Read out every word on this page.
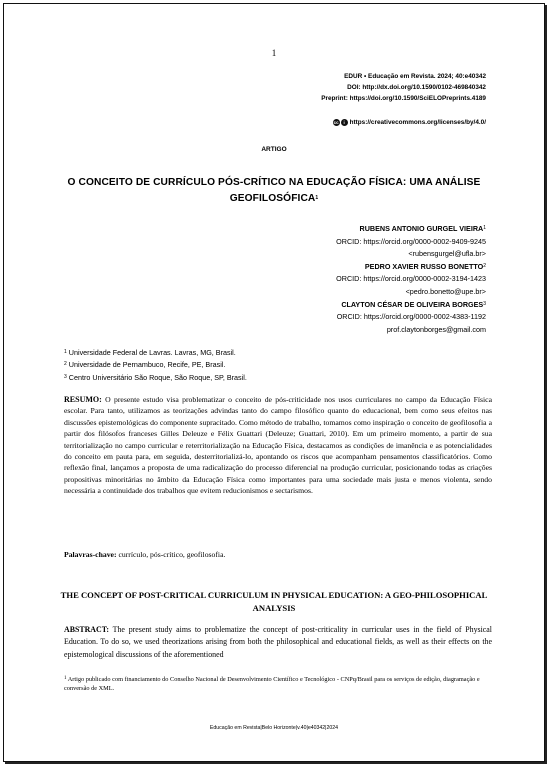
1
EDUR • Educação em Revista. 2024; 40:e40342
DOI: http://dx.doi.org/10.1590/0102-469840342
Preprint: https://doi.org/10.1590/SciELOPreprints.4189
cc	i https://creativecommons.org/licenses/by/4.0/
ARTIGO
O CONCEITO DE CURRÍCULO PÓS-CRÍTICO NA EDUCAÇÃO FÍSICA: UMA ANÁLISE GEOFILOSÓFICA$^1$
RUBENS ANTONIO GURGEL VIEIRA$^1$
ORCID: https://orcid.org/0000-0002-9409-9245
<rubensgurgel@ufla.br>
PEDRO XAVIER RUSSO BONETTO$^2$
ORCID: https://orcid.org/0000-0002-3194-1423
<pedro.bonetto@upe.br>
CLAYTON CÉSAR DE OLIVEIRA BORGES$^3$
ORCID: https://orcid.org/0000-0002-4383-1192
prof.claytonborges@gmail.com
$^1$ Universidade Federal de Lavras. Lavras, MG, Brasil.
$^2$ Universidade de Pernambuco, Recife, PE, Brasil.
$^3$ Centro Universitário São Roque, São Roque, SP, Brasil.
RESUMO: O presente estudo visa problematizar o conceito de pós-criticidade nos usos curriculares no campo da Educação Física escolar. Para tanto, utilizamos as teorizações advindas tanto do campo filosófico quanto do educacional, bem como seus efeitos nas discussões epistemológicas do componente supracitado. Como método de trabalho, tomamos como inspiração o conceito de geofilosofia a partir dos filósofos franceses Gilles Deleuze e Félix Guattari (Deleuze; Guattari, 2010). Em um primeiro momento, a partir de sua territorialização no campo curricular e reterritorialização na Educação Física, destacamos as condições de imanência e as potencialidades do conceito em pauta para, em seguida, desterritorializá-lo, apontando os riscos que acompanham pensamentos classificatórios. Como reflexão final, lançamos a proposta de uma radicalização do processo diferencial na produção curricular, posicionando todas as criações propositivas minoritárias no âmbito da Educação Física como importantes para uma sociedade mais justa e menos violenta, sendo necessária a continuidade dos trabalhos que evitem reducionismos e sectarismos.
Palavras-chave: currículo, pós-crítico, geofilosofia.
THE CONCEPT OF POST-CRITICAL CURRICULUM IN PHYSICAL EDUCATION: A GEO-PHILOSOPHICAL ANALYSIS
ABSTRACT: The present study aims to problematize the concept of post-criticality in curricular uses in the field of Physical Education. To do so, we used theorizations arising from both the philosophical and educational fields, as well as their effects on the epistemological discussions of the aforementioned
$^1$ Artigo publicado com financiamento do Conselho Nacional de Desenvolvimento Científico e Tecnológico - CNPq/Brasil para os serviços de edição, diagramação e conversão de XML.
Educação em Revista|Belo Horizonte|v.40|e40342|2024
